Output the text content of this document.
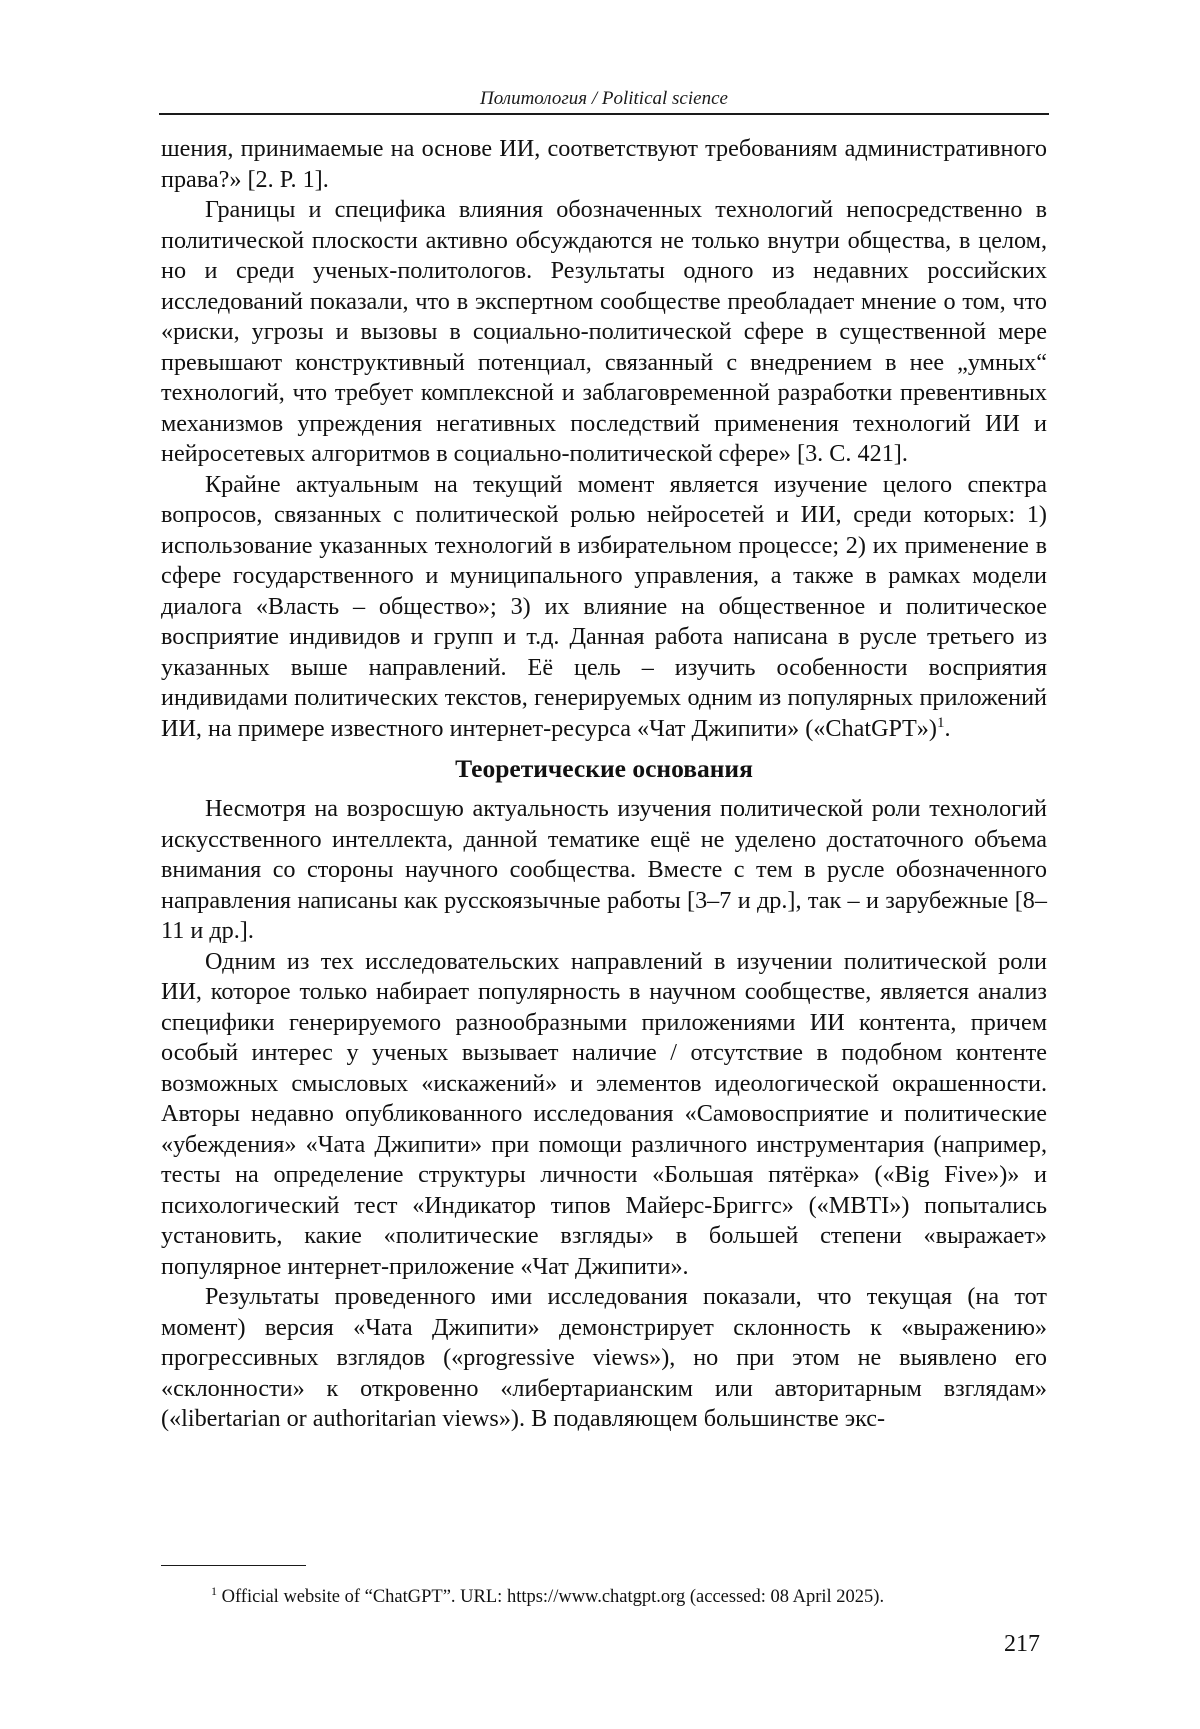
Политология / Political science

шения, принимаемые на основе ИИ, соответствуют требованиям административного права?» [2. P. 1].

Границы и специфика влияния обозначенных технологий непосредственно в политической плоскости активно обсуждаются не только внутри общества, в целом, но и среди ученых-политологов. Результаты одного из недавних российских исследований показали, что в экспертном сообществе преобладает мнение о том, что «риски, угрозы и вызовы в социально-политической сфере в существенной мере превышают конструктивный потенциал, связанный с внедрением в нее „умных“ технологий, что требует комплексной и заблаговременной разработки превентивных механизмов упреждения негативных последствий применения технологий ИИ и нейросетевых алгоритмов в социально-политической сфере» [3. С. 421].

Крайне актуальным на текущий момент является изучение целого спектра вопросов, связанных с политической ролью нейросетей и ИИ, среди которых: 1) использование указанных технологий в избирательном процессе; 2) их применение в сфере государственного и муниципального управления, а также в рамках модели диалога «Власть – общество»; 3) их влияние на общественное и политическое восприятие индивидов и групп и т.д. Данная работа написана в русле третьего из указанных выше направлений. Её цель – изучить особенности восприятия индивидами политических текстов, генерируемых одним из популярных приложений ИИ, на примере известного интернет-ресурса «Чат Джипити» («ChatGPT»)$^1$.

Теоретические основания

Несмотря на возросшую актуальность изучения политической роли технологий искусственного интеллекта, данной тематике ещё не уделено достаточного объема внимания со стороны научного сообщества. Вместе с тем в русле обозначенного направления написаны как русскоязычные работы [3–7 и др.], так – и зарубежные [8–11 и др.].

Одним из тех исследовательских направлений в изучении политической роли ИИ, которое только набирает популярность в научном сообществе, является анализ специфики генерируемого разнообразными приложениями ИИ контента, причем особый интерес у ученых вызывает наличие / отсутствие в подобном контенте возможных смысловых «искажений» и элементов идеологической окрашенности. Авторы недавно опубликованного исследования «Самовосприятие и политические «убеждения» «Чата Джипити» при помощи различного инструментария (например, тесты на определение структуры личности «Большая пятёрка» («Big Five»)» и психологический тест «Индикатор типов Майерс-Бриггс» («MBTI») попытались установить, какие «политические взгляды» в большей степени «выражает» популярное интернет-приложение «Чат Джипити».

Результаты проведенного ими исследования показали, что текущая (на тот момент) версия «Чата Джипити» демонстрирует склонность к «выражению» прогрессивных взглядов («progressive views»), но при этом не выявлено его «склонности» к откровенно «либертарианским или авторитарным взглядам» («libertarian or authoritarian views»). В подавляющем большинстве экс-

$^1$ Official website of “ChatGPT”. URL: https://www.chatgpt.org (accessed: 08 April 2025).
217
